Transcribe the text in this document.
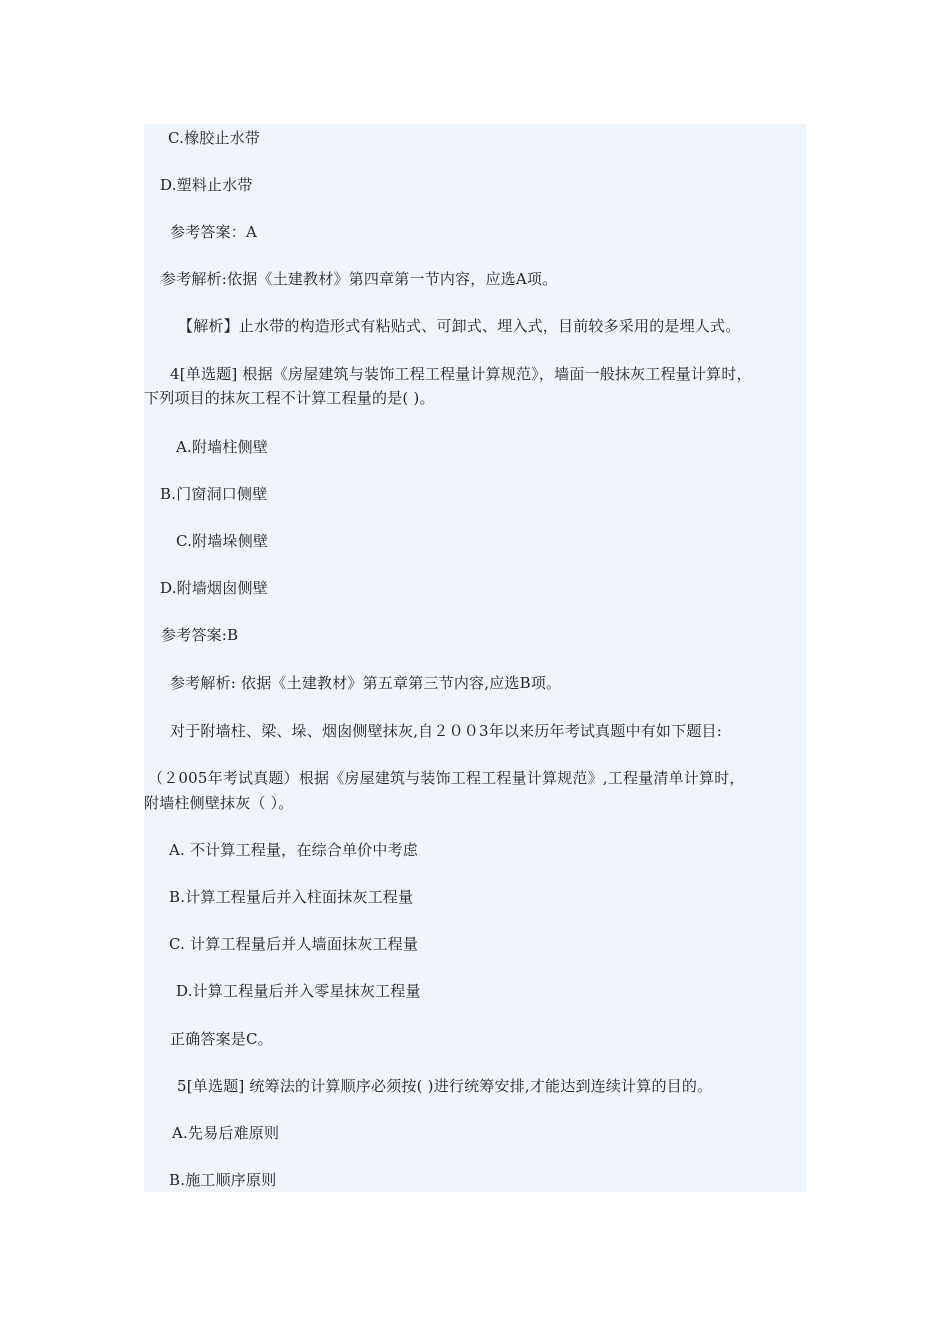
C.橡胶止水带
D.塑料止水带
参考答案：A
参考解析:依据《土建教材》第四章第一节内容，应选A项。
【解析】止水带的构造形式有粘贴式、可卸式、埋入式，目前较多采用的是埋人式。
4[单选题] 根据《房屋建筑与装饰工程工程量计算规范》，墙面一般抹灰工程量计算时，
下列项目的抹灰工程不计算工程量的是( )。
A.附墙柱侧壁
B.门窗洞口侧壁
C.附墙垛侧壁
D.附墙烟囱侧壁
参考答案:B
参考解析: 依据《土建教材》第五章第三节内容,应选B项。
对于附墙柱、梁、垛、烟囱侧壁抹灰,自２００3年以来历年考试真题中有如下题目:
（２005年考试真题）根据《房屋建筑与装饰工程工程量计算规范》,工程量清单计算时，
附墙柱侧壁抹灰（ ）。
A. 不计算工程量，在综合单价中考虑
B.计算工程量后并入柱面抹灰工程量
C. 计算工程量后并人墙面抹灰工程量
D.计算工程量后并入零星抹灰工程量
正确答案是C。
5[单选题] 统筹法的计算顺序必须按( )进行统筹安排,才能达到连续计算的目的。
A.先易后难原则
B.施工顺序原则
